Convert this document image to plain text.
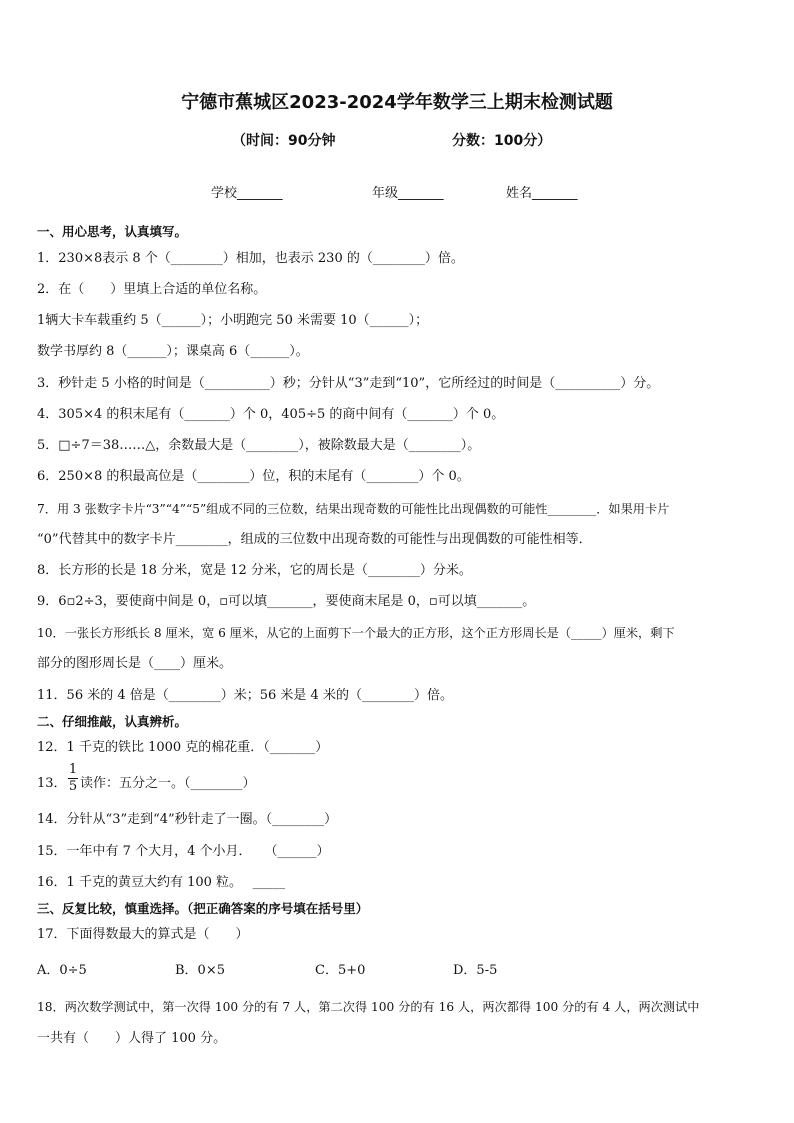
宁德市蕉城区2023-2024学年数学三上期末检测试题
（时间：90分钟	分数：100分）
学校_______	年级_______	姓名_______
一、用心思考，认真填写。
1．230×8表示 8 个（________）相加，也表示 230 的（________）倍。
2．在（　　）里填上合适的单位名称。
1辆大卡车载重约 5（______）；小明跑完 50 米需要 10（______）；
数学书厚约 8（______）；课桌高 6（______）。
3．秒针走 5 小格的时间是（__________）秒；分针从“3”走到“10”，它所经过的时间是（__________）分。
4．305×4 的积末尾有（_______）个 0，405÷5 的商中间有（_______）个 0。
5．□÷7＝38……△，余数最大是（________），被除数最大是（________）。
6．250×8 的积最高位是（________）位，积的末尾有（________）个 0。
7．用 3 张数字卡片“3”“4”“5”组成不同的三位数，结果出现奇数的可能性比出现偶数的可能性________．如果用卡片
“0”代替其中的数字卡片________，组成的三位数中出现奇数的可能性与出现偶数的可能性相等．
8．长方形的长是 18 分米，宽是 12 分米，它的周长是（________）分米。
9．6▫2÷3，要使商中间是 0，▫可以填_______，要使商末尾是 0，▫可以填_______。
10．一张长方形纸长 8 厘米，宽 6 厘米，从它的上面剪下一个最大的正方形，这个正方形周长是（_____）厘米，剩下
部分的图形周长是（____）厘米。
11．56 米的 4 倍是（________）米；56 米是 4 米的（________）倍。
二、仔细推敲，认真辨析。
12．1 千克的铁比 1000 克的棉花重．（_______）
13．
1
5 读作：五分之一。（________）
14．分针从“3”走到“4”秒针走了一圈。（________）
15．一年中有 7 个大月，4 个小月．　　（______）
16．1 千克的黄豆大约有 100 粒。　 _____
三、反复比较，慎重选择。（把正确答案的序号填在括号里）
17．下面得数最大的算式是（　　）
A．0÷5	B．0×5	C．5+0	D．5-5
18．两次数学测试中，第一次得 100 分的有 7 人，第二次得 100 分的有 16 人，两次都得 100 分的有 4 人，两次测试中
一共有（　　）人得了 100 分。
